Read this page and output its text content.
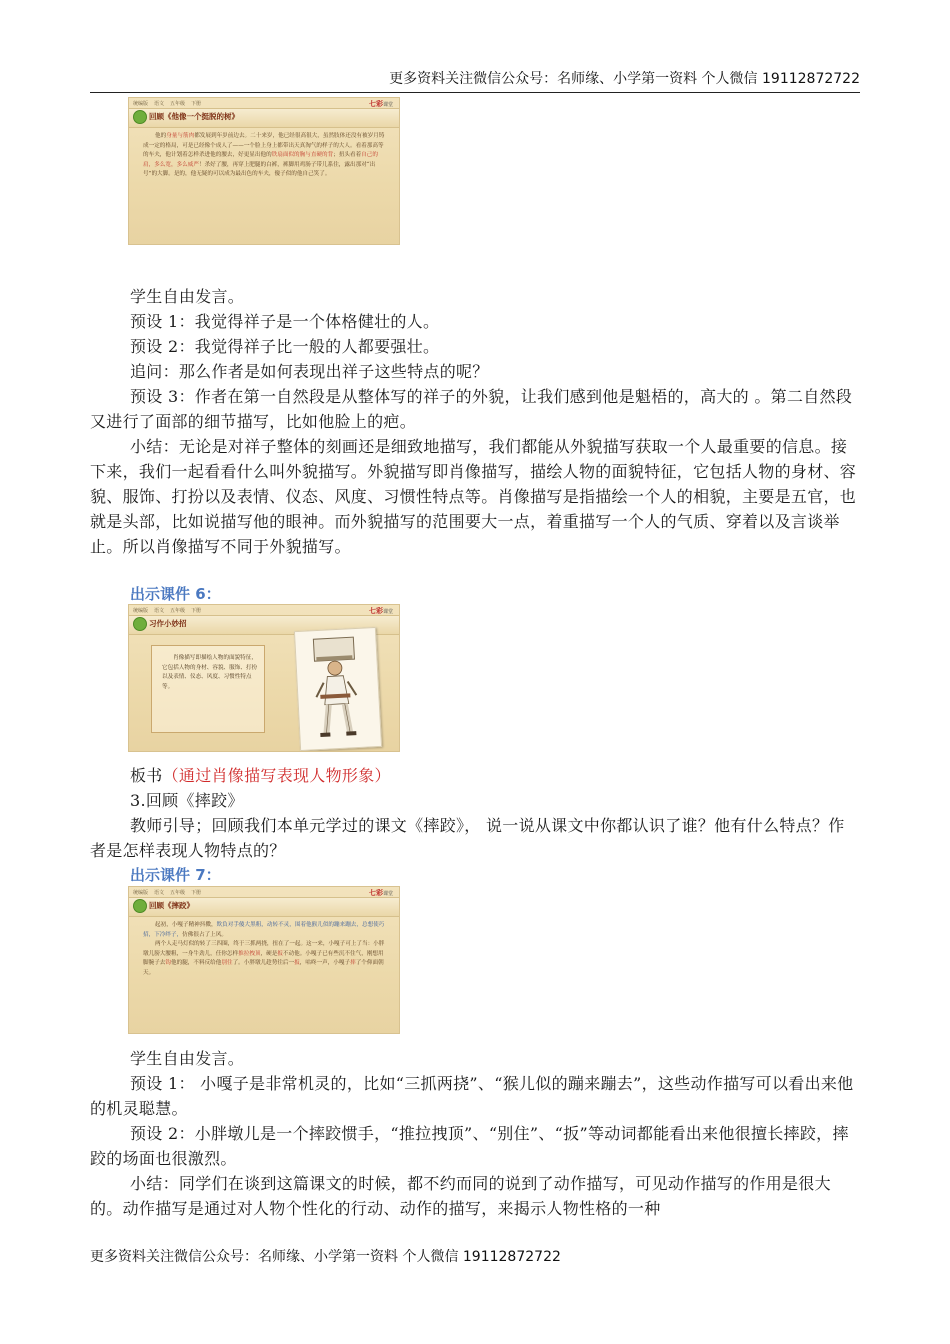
更多资料关注微信公众号：名师缘、小学第一资料 个人微信 19112872722
统编版 语文 五年级 下册	七彩课堂
回顾《他像一个挺脱的树》

他的身量与筋肉都发展到年岁前边去。二十来岁，他已经很高很大，虽然肢体还没有被岁月铸成一定的格局，可是已经像个成人了——一个脸上身上都带出天真淘气的样子的大人。看着那高等的车夫，他计划着怎样杀进他的腰去，好更显出他的铁扇面似的胸与直硬的背；扭头看着自己的肩，多么宽，多么威严！杀好了腰，再穿上肥腿的白裤，裤脚用鸡肠子带儿系住，露出那对“出号”的大脚。是的，他无疑的可以成为最出色的车夫，傻子似的他自己笑了。

学生自由发言。

预设 1：我觉得祥子是一个体格健壮的人。

预设 2：我觉得祥子比一般的人都要强壮。

追问：那么作者是如何表现出祥子这些特点的呢？

预设 3：作者在第一自然段是从整体写的祥子的外貌，让我们感到他是魁梧的，高大的 。第二自然段又进行了面部的细节描写，比如他脸上的疤。

小结：无论是对祥子整体的刻画还是细致地描写，我们都能从外貌描写获取一个人最重要的信息。接下来，我们一起看看什么叫外貌描写。外貌描写即肖像描写，描绘人物的面貌特征，它包括人物的身材、容貌、服饰、打扮以及表情、仪态、风度、习惯性特点等。肖像描写是指描绘一个人的相貌，主要是五官，也就是头部，比如说描写他的眼神。而外貌描写的范围要大一点，着重描写一个人的气质、穿着以及言谈举止。所以肖像描写不同于外貌描写。

出示课件 6：
统编版 语文 五年级 下册	七彩课堂
习作小妙招

肖像描写即描绘人物的面貌特征，它包括人物的身材、容貌、服饰、打扮以及表情、仪态、风度、习惯性特点等。

板书（通过肖像描写表现人物形象）

3.回顾《摔跤》

教师引导；回顾我们本单元学过的课文《摔跤》， 说一说从课文中你都认识了谁？他有什么特点？作者是怎样表现人物特点的？

出示课件 7：
统编版 语文 五年级 下册	七彩课堂
回顾《摔跤》

起初，小嘎子精神抖擞，欺負对手傻大黑粗，动转不灵，围着他猴儿似的蹦来蹦去，总想使巧招，下冷绊子，仿佛很占了上风。

两个人走马灯似的转了三四圈，终于三抓两挠，扭在了一起。这一来，小嘎子可上了当：小胖墩儿膀大腰粗，一身牛劲儿，任你怎样推拉拽顶，硬是扳不动他。小嘎子已有些沉不住气，刚想用脚腕子去钩他的腿，不料反给他别住了。小胖墩儿趁势往后一扳，咕咚一声，小嘎子摔了个仰面朝天。

学生自由发言。

预设 1： 小嘎子是非常机灵的，比如“三抓两挠”、“猴儿似的蹦来蹦去”，这些动作描写可以看出来他的机灵聪慧。

预设 2：小胖墩儿是一个摔跤惯手，“推拉拽顶”、“别住”、“扳”等动词都能看出来他很擅长摔跤，摔跤的场面也很激烈。

小结：同学们在谈到这篇课文的时候，都不约而同的说到了动作描写，可见动作描写的作用是很大的。动作描写是通过对人物个性化的行动、动作的描写，来揭示人物性格的一种

更多资料关注微信公众号：名师缘、小学第一资料 个人微信 19112872722
